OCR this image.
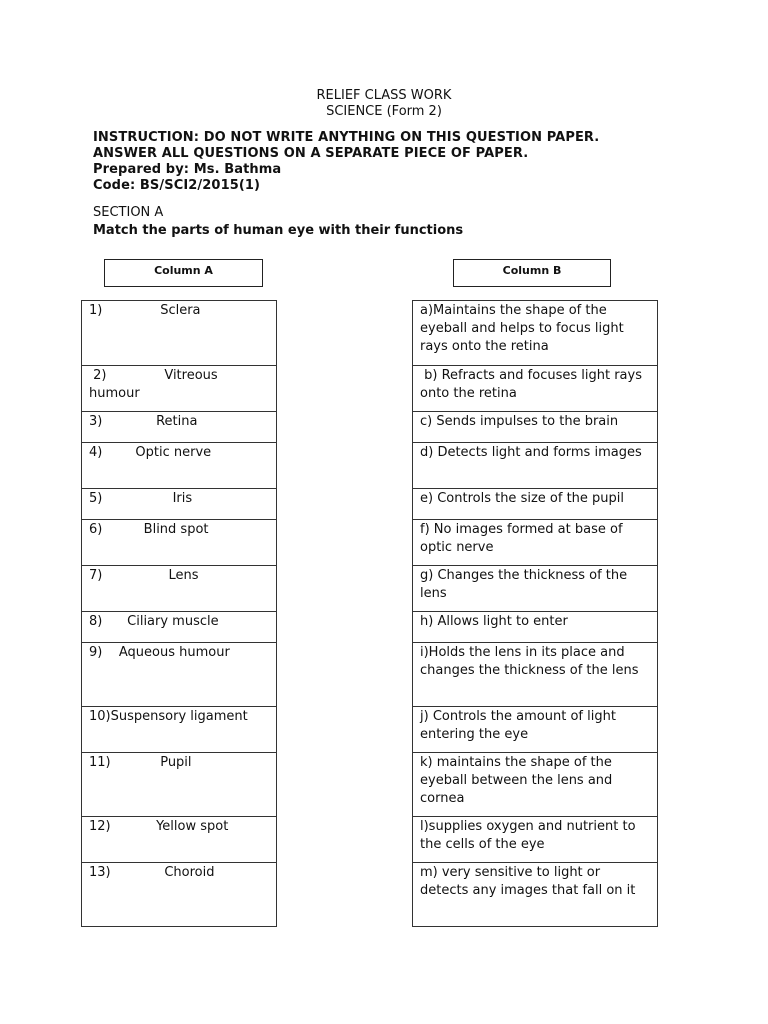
RELIEF CLASS WORK
SCIENCE (Form 2)
INSTRUCTION: DO NOT WRITE ANYTHING ON THIS QUESTION PAPER.
ANSWER ALL QUESTIONS ON A SEPARATE PIECE OF PAPER.
Prepared by: Ms. Bathma
Code: BS/SCI2/2015(1)
SECTION A
Match the parts of human eye with their functions
Column A	Column B
1)              Sclera
2)              Vitreous humour
3)             Retina
4)        Optic nerve
5)                 Iris
6)          Blind spot
7)                Lens
8)      Ciliary muscle
9)    Aqueous humour
10)Suspensory ligament
11)            Pupil
12)           Yellow spot
13)             Choroid
a)Maintains the shape of the eyeball and helps to focus light rays onto the retina
b) Refracts and focuses light rays onto the retina
c) Sends impulses to the brain
d) Detects light and forms images
e) Controls the size of the pupil
f) No images formed at base of optic nerve
g) Changes the thickness of the lens
h) Allows light to enter
i)Holds the lens in its place and changes the thickness of the lens
j) Controls the amount of light entering the eye
k) maintains the shape of the eyeball between the lens and cornea
l)supplies oxygen and nutrient to the cells of the eye
m) very sensitive to light or detects any images that fall on it
